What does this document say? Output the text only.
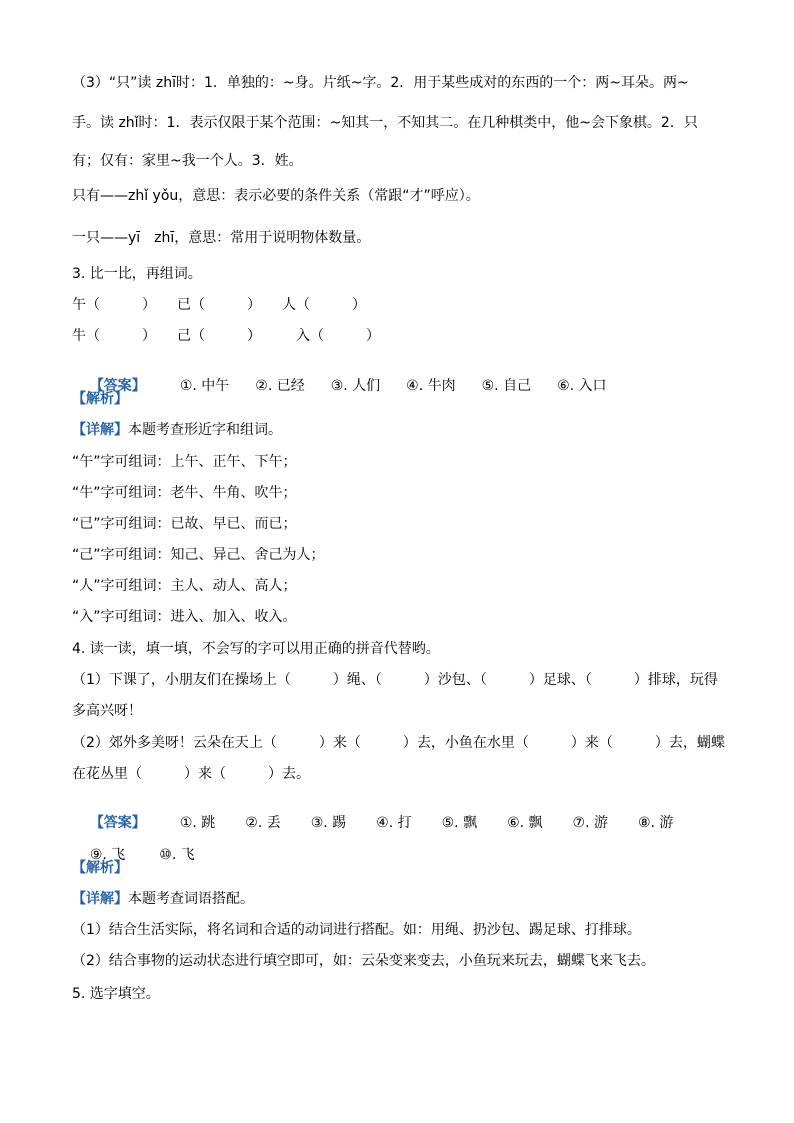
（3）“只”读 zhī时：1．单独的：~身。片纸~字。2．用于某些成对的东西的一个：两~耳朵。两~
手。读 zhǐ时：1．表示仅限于某个范围：~知其一，不知其二。在几种棋类中，他~会下象棋。2．只
有；仅有：家里~我一个人。3．姓。
只有——zhǐ yǒu，意思：表示必要的条件关系（常跟“才”呼应）。
一只——yī　zhī，意思：常用于说明物体数量。
3. 比一比，再组词。
午（　　　）　　已（　　　）　　人（　　　）
牛（　　　）　　己（　　　）　　　入（　　　）

【答案】 ①. 中午 ②. 已经 ③. 人们 ④. 牛肉 ⑤. 自己 ⑥. 入口

【解析】
【详解】本题考查形近字和组词。
“午”字可组词：上午、正午、下午；
“牛”字可组词：老牛、牛角、吹牛；
“已”字可组词：已故、早已、而已；
“己”字可组词：知己、异己、舍己为人；
“人”字可组词：主人、动人、高人；
“入”字可组词：进入、加入、收入。
4. 读一读，填一填，不会写的字可以用正确的拼音代替哟。
（1）下课了，小朋友们在操场上（　　　）绳、（　　　）沙包、（　　　）足球、（　　　）排球，玩得
多高兴呀！
（2）郊外多美呀！云朵在天上（　　　）来（　　　）去，小鱼在水里（　　　）来（　　　）去，蝴蝶
在花丛里（　　　）来（　　　）去。

【答案】 ①. 跳 ②. 丢 ③. 踢 ④. 打 ⑤. 飘 ⑥. 飘 ⑦. 游 ⑧. 游

⑨. 飞 ⑩. 飞

【解析】
【详解】本题考查词语搭配。
（1）结合生活实际，将名词和合适的动词进行搭配。如：用绳、扔沙包、踢足球、打排球。
（2）结合事物的运动状态进行填空即可，如：云朵变来变去，小鱼玩来玩去，蝴蝶飞来飞去。
5. 选字填空。
